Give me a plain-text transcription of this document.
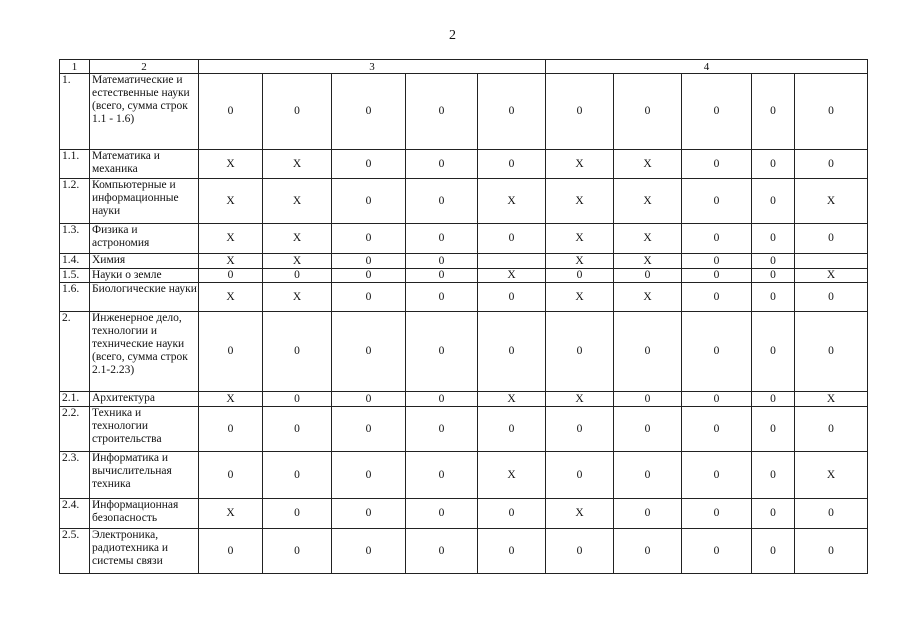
2
1	2	3					4				
1.	Математические и естественные науки (всего, сумма строк 1.1 - 1.6)	0	0	0	0	0	0	0	0	0	0
1.1.	Математика и механика	X	X	0	0	0	X	X	0	0	0
1.2.	Компьютерные и информационные науки	X	X	0	0	X	X	X	0	0	X
1.3.	Физика и астрономия	X	X	0	0	0	X	X	0	0	0
1.4.	Химия	X	X	0	0		X	X	0	0	
1.5.	Науки о земле	0	0	0	0	X	0	0	0	0	X
1.6.	Биологические науки	X	X	0	0	0	X	X	0	0	0
2.	Инженерное дело, технологии и технические науки (всего, сумма строк 2.1-2.23)	0	0	0	0	0	0	0	0	0	0
2.1.	Архитектура	X	0	0	0	X	X	0	0	0	X
2.2.	Техника и технологии строительства	0	0	0	0	0	0	0	0	0	0
2.3.	Информатика и вычислительная техника	0	0	0	0	X	0	0	0	0	X
2.4.	Информационная безопасность	X	0	0	0	0	X	0	0	0	0
2.5.	Электроника, радиотехника и системы связи	0	0	0	0	0	0	0	0	0	0
